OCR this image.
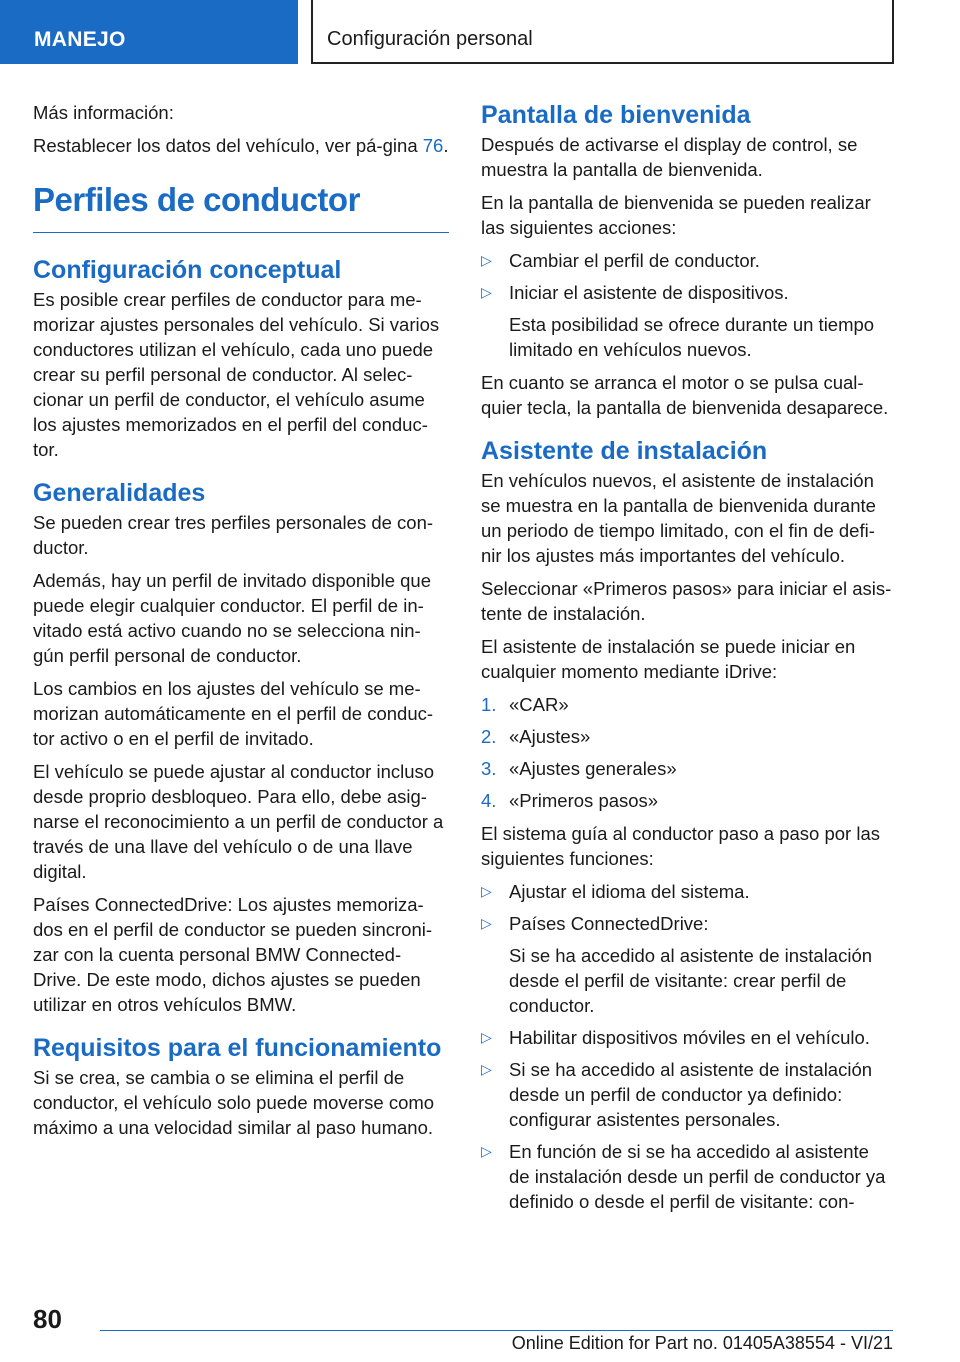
MANEJO	Configuración personal

Más información:

Restablecer los datos del vehículo, ver pá-gina 76.

Perfiles de conductor
Configuración conceptual

Es posible crear perfiles de conductor para me-morizar ajustes personales del vehículo. Si varios conductores utilizan el vehículo, cada uno puede crear su perfil personal de conductor. Al selec-cionar un perfil de conductor, el vehículo asume los ajustes memorizados en el perfil del conduc-tor.

Generalidades

Se pueden crear tres perfiles personales de con-ductor.

Además, hay un perfil de invitado disponible que puede elegir cualquier conductor. El perfil de in-vitado está activo cuando no se selecciona nin-gún perfil personal de conductor.

Los cambios en los ajustes del vehículo se me-morizan automáticamente en el perfil de conduc-tor activo o en el perfil de invitado.

El vehículo se puede ajustar al conductor incluso desde proprio desbloqueo. Para ello, debe asig-narse el reconocimiento a un perfil de conductor a través de una llave del vehículo o de una llave digital.

Países ConnectedDrive: Los ajustes memoriza-dos en el perfil de conductor se pueden sincroni-zar con la cuenta personal BMW Connected-Drive. De este modo, dichos ajustes se pueden utilizar en otros vehículos BMW.

Requisitos para el funcionamiento

Si se crea, se cambia o se elimina el perfil de conductor, el vehículo solo puede moverse como máximo a una velocidad similar al paso humano.

Pantalla de bienvenida

Después de activarse el display de control, se muestra la pantalla de bienvenida.

En la pantalla de bienvenida se pueden realizar las siguientes acciones:

▷ Cambiar el perfil de conductor.
▷ Iniciar el asistente de dispositivos.
Esta posibilidad se ofrece durante un tiempo limitado en vehículos nuevos.

En cuanto se arranca el motor o se pulsa cual-quier tecla, la pantalla de bienvenida desaparece.

Asistente de instalación

En vehículos nuevos, el asistente de instalación se muestra en la pantalla de bienvenida durante un periodo de tiempo limitado, con el fin de defi-nir los ajustes más importantes del vehículo.

Seleccionar «Primeros pasos» para iniciar el asis-tente de instalación.

El asistente de instalación se puede iniciar en cualquier momento mediante iDrive:

1. «CAR»
2. «Ajustes»
3. «Ajustes generales»
4. «Primeros pasos»

El sistema guía al conductor paso a paso por las siguientes funciones:

▷ Ajustar el idioma del sistema.
▷ Países ConnectedDrive:
Si se ha accedido al asistente de instalación desde el perfil de visitante: crear perfil de conductor.
▷ Habilitar dispositivos móviles en el vehículo.
▷ Si se ha accedido al asistente de instalación desde un perfil de conductor ya definido: configurar asistentes personales.
▷ En función de si se ha accedido al asistente de instalación desde un perfil de conductor ya definido o desde el perfil de visitante: con-
80
Online Edition for Part no. 01405A38554 - VI/21
